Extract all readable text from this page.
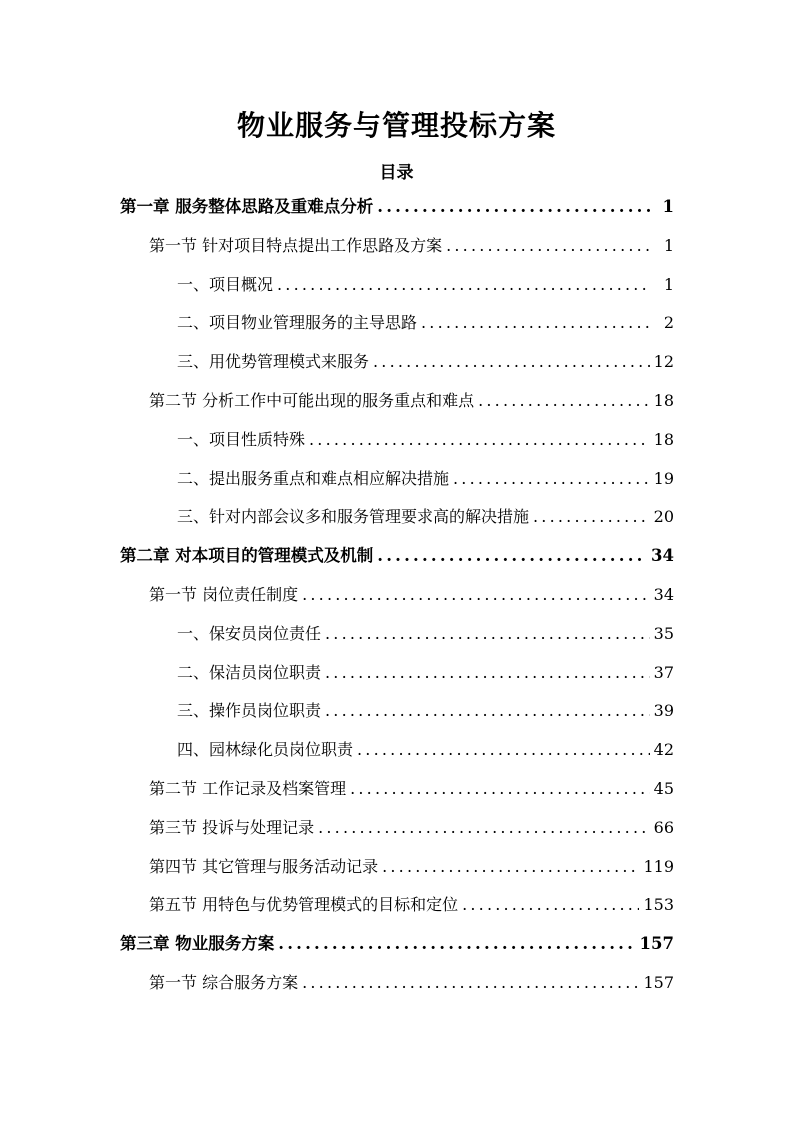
物业服务与管理投标方案
目录
第一章 服务整体思路及重难点分析 .....	1
第一节 针对项目特点提出工作思路及方案 .....	1
一、项目概况 .....	1
二、项目物业管理服务的主导思路 .....	2
三、用优势管理模式来服务 .....	12
第二节 分析工作中可能出现的服务重点和难点 .....	18
一、项目性质特殊 .....	18
二、提出服务重点和难点相应解决措施 .....	19
三、针对内部会议多和服务管理要求高的解决措施 .....	20
第二章 对本项目的管理模式及机制 .....	34
第一节 岗位责任制度 .....	34
一、保安员岗位责任 .....	35
二、保洁员岗位职责 .....	37
三、操作员岗位职责 .....	39
四、园林绿化员岗位职责 .....	42
第二节 工作记录及档案管理 .....	45
第三节 投诉与处理记录 .....	66
第四节 其它管理与服务活动记录 .....	119
第五节 用特色与优势管理模式的目标和定位 .....	153
第三章 物业服务方案 .....	157
第一节 综合服务方案 .....	157
